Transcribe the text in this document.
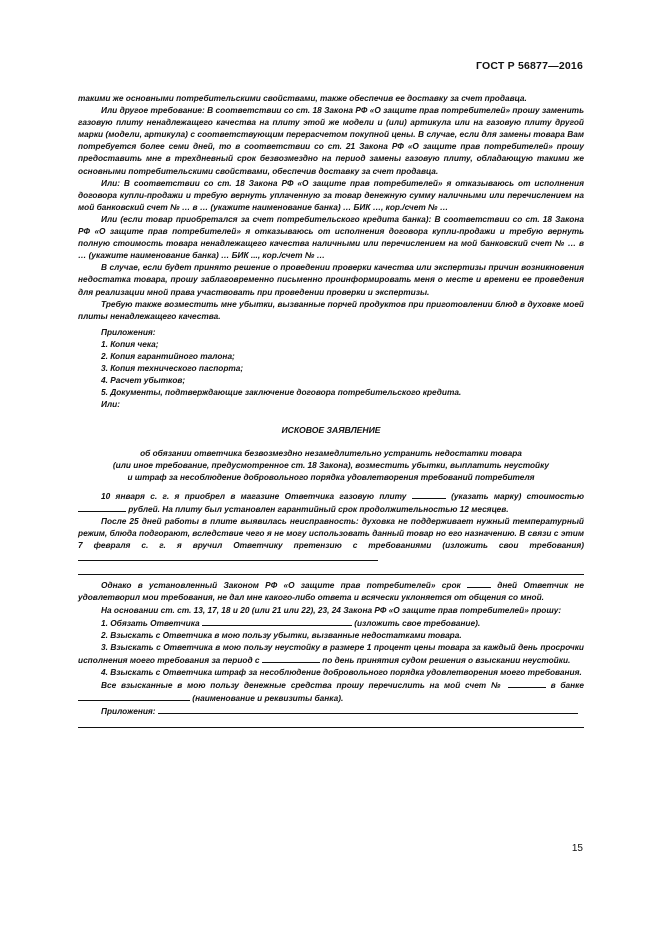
ГОСТ Р 56877—2016

такими же основными потребительскими свойствами, также обеспечив ее доставку за счет продавца.

Или другое требование: В соответствии со ст. 18 Закона РФ «О защите прав потребителей» прошу заменить газовую плиту ненадлежащего качества на плиту этой же модели и (или) артикула или на газовую плиту другой марки (модели, артикула) с соответствующим перерасчетом покупной цены. В случае, если для замены товара Вам потребуется более семи дней, то в соответствии со ст. 21 Закона РФ «О защите прав потребителей» прошу предоставить мне в трехдневный срок безвозмездно на период замены газовую плиту, обладающую такими же основными потребительскими свойствами, обеспечив доставку за счет продавца.

Или: В соответствии со ст. 18 Закона РФ «О защите прав потребителей» я отказываюсь от исполнения договора купли-продажи и требую вернуть уплаченную за товар денежную сумму наличными или перечислением на мой банковский счет № … в … (укажите наименование банка) … БИК …, кор./счет № …

Или (если товар приобретался за счет потребительского кредита банка): В соответствии со ст. 18 Закона РФ «О защите прав потребителей» я отказываюсь от исполнения договора купли-продажи и требую вернуть полную стоимость товара ненадлежащего качества наличными или перечислением на мой банковский счет № … в … (укажите наименование банка) … БИК ..., кор./счет № …

В случае, если будет принято решение о проведении проверки качества или экспертизы причин возникновения недостатка товара, прошу заблаговременно письменно проинформировать меня о месте и времени ее проведения для реализации мной права участвовать при проведении проверки и экспертизы.

Требую также возместить мне убытки, вызванные порчей продуктов при приготовлении блюд в духовке моей плиты ненадлежащего качества.

Приложения:

1. Копия чека;

2. Копия гарантийного талона;

3. Копия технического паспорта;

4. Расчет убытков;

5. Документы, подтверждающие заключение договора потребительского кредита.

Или:

ИСКОВОЕ ЗАЯВЛЕНИЕ

об обязании ответчика безвозмездно незамедлительно устранить недостатки товара
(или иное требование, предусмотренное ст. 18 Закона), возместить убытки, выплатить неустойку
и штраф за несоблюдение добровольного порядка удовлетворения требований потребителя

10 января с. г. я приобрел в магазине Ответчика газовую плиту	(указать марку) стоимостью  рублей. На плиту был установлен гарантийный срок продолжительностью 12 месяцев.

После 25 дней работы в плите выявилась неисправность: духовка не поддерживает нужный температурный режим, блюда подгорают, вследствие чего я не могу использовать данный товар но его назначению. В связи с этим 7 февраля с. г. я вручил Ответчику претензию с требованиями (изложить свои требования)

Однако в установленный Законом РФ «О защите прав потребителей» срок	дней Ответчик не удовлетворил мои требования, не дал мне какого-либо ответа и всячески уклоняется от общения со мной.

На основании ст. ст. 13, 17, 18 и 20 (или 21 или 22), 23, 24 Закона РФ «О защите прав потребителей» прошу:

1. Обязать Ответчика	(изложить свое требование).

2. Взыскать с Ответчика в мою пользу убытки, вызванные недостатками товара.

3. Взыскать с Ответчика в мою пользу неустойку в размере 1 процент цены товара за каждый день просрочки исполнения моего требования за период с	по день принятия судом решения о взыскании неустойки.

4. Взыскать с Ответчика штраф за несоблюдение добровольного порядка удовлетворения моего требования.

Все взысканные в мою пользу денежные средства прошу перечислить на мой счет №	в банке  (наименование и реквизиты банка).

Приложения:

15
